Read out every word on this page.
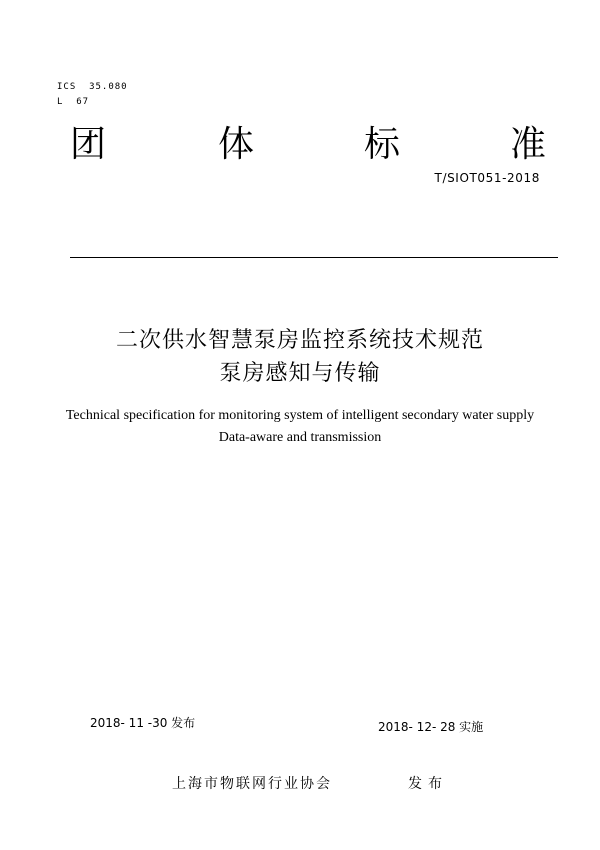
ICS  35.080
L  67
团	体	标	准
T/SIOT051-2018
二次供水智慧泵房监控系统技术规范
泵房感知与传输
Technical specification for monitoring system of intelligent secondary water supply
Data-aware and transmission
2018- 11 -30 发布	2018- 12- 28 实施
上海市物联网行业协会	发布
